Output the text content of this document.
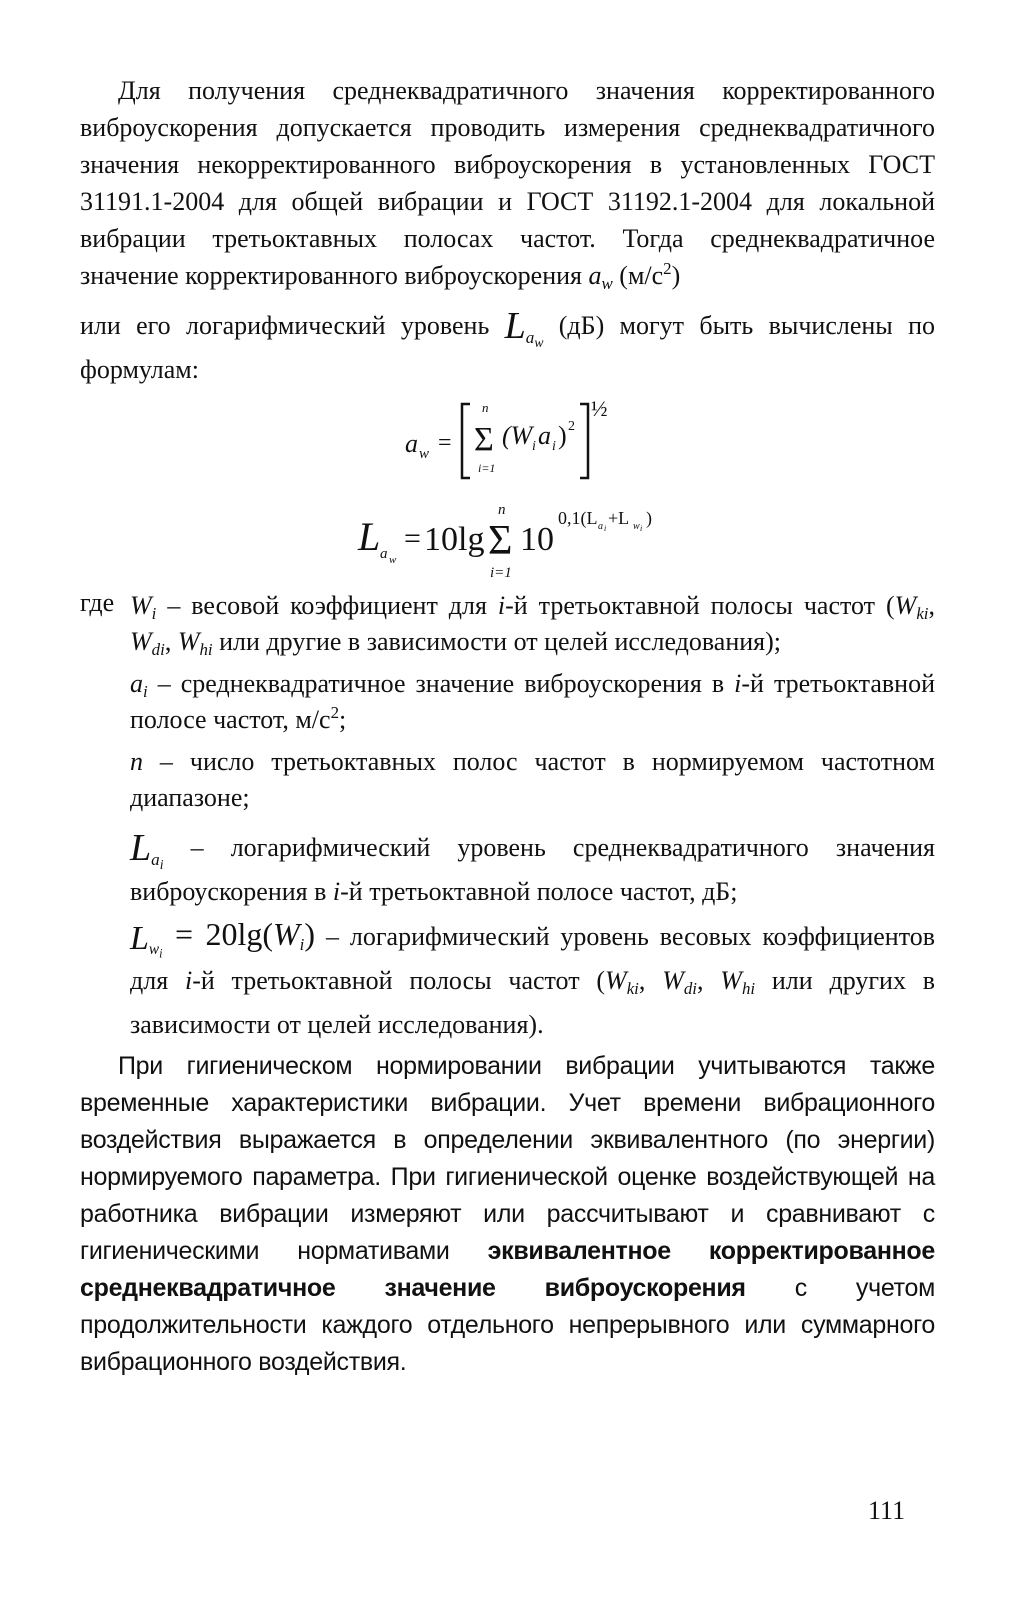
Для получения среднеквадратичного значения корректированного виброускорения допускается проводить измерения среднеквадратичного значения некорректированного виброускорения в установленных ГОСТ 31191.1-2004 для общей вибрации и ГОСТ 31192.1-2004 для локальной вибрации третьоктавных полосах частот. Тогда среднеквадратичное значение корректированного виброускорения $a_w$ $(м/с^2)$
или его логарифмический уровень $L_{a_w}$ (дБ) могут быть вычислены по формулам:
a w =
n
Σ
i=1
(W i a i ) 2
½
L a w
= 10lg
n
Σ
i=1
10
0,1(L a i
+L w i
)
где $W_i$ – весовой коэффициент для i-й третьоктавной полосы частот ($W_{ki}$, $W_{di}$, $W_{hi}$ или другие в зависимости от целей исследования);
$a_i$ – среднеквадратичное значение виброускорения в i-й третьоктавной полосе частот, $м/с^2$;
n – число третьоктавных полос частот в нормируемом частотном диапазоне;
$L_{a_i}$ – логарифмический уровень среднеквадратичного значения виброускорения в i-й третьоктавной полосе частот, дБ;
$L_{w_i} = 20\lg(W_i)$ – логарифмический уровень весовых коэффициентов для i-й третьоктавной полосы частот ($W_{ki}$, $W_{di}$, $W_{hi}$ или других в зависимости от целей исследования).
При гигиеническом нормировании вибрации учитываются также временные характеристики вибрации. Учет времени вибрационного воздействия выражается в определении эквивалентного (по энергии) нормируемого параметра. При гигиенической оценке воздействующей на работника вибрации измеряют или рассчитывают и сравнивают с гигиеническими нормативами эквивалентное корректированное среднеквадратичное значение виброускорения с учетом продолжительности каждого отдельного непрерывного или суммарного вибрационного воздействия.
111
